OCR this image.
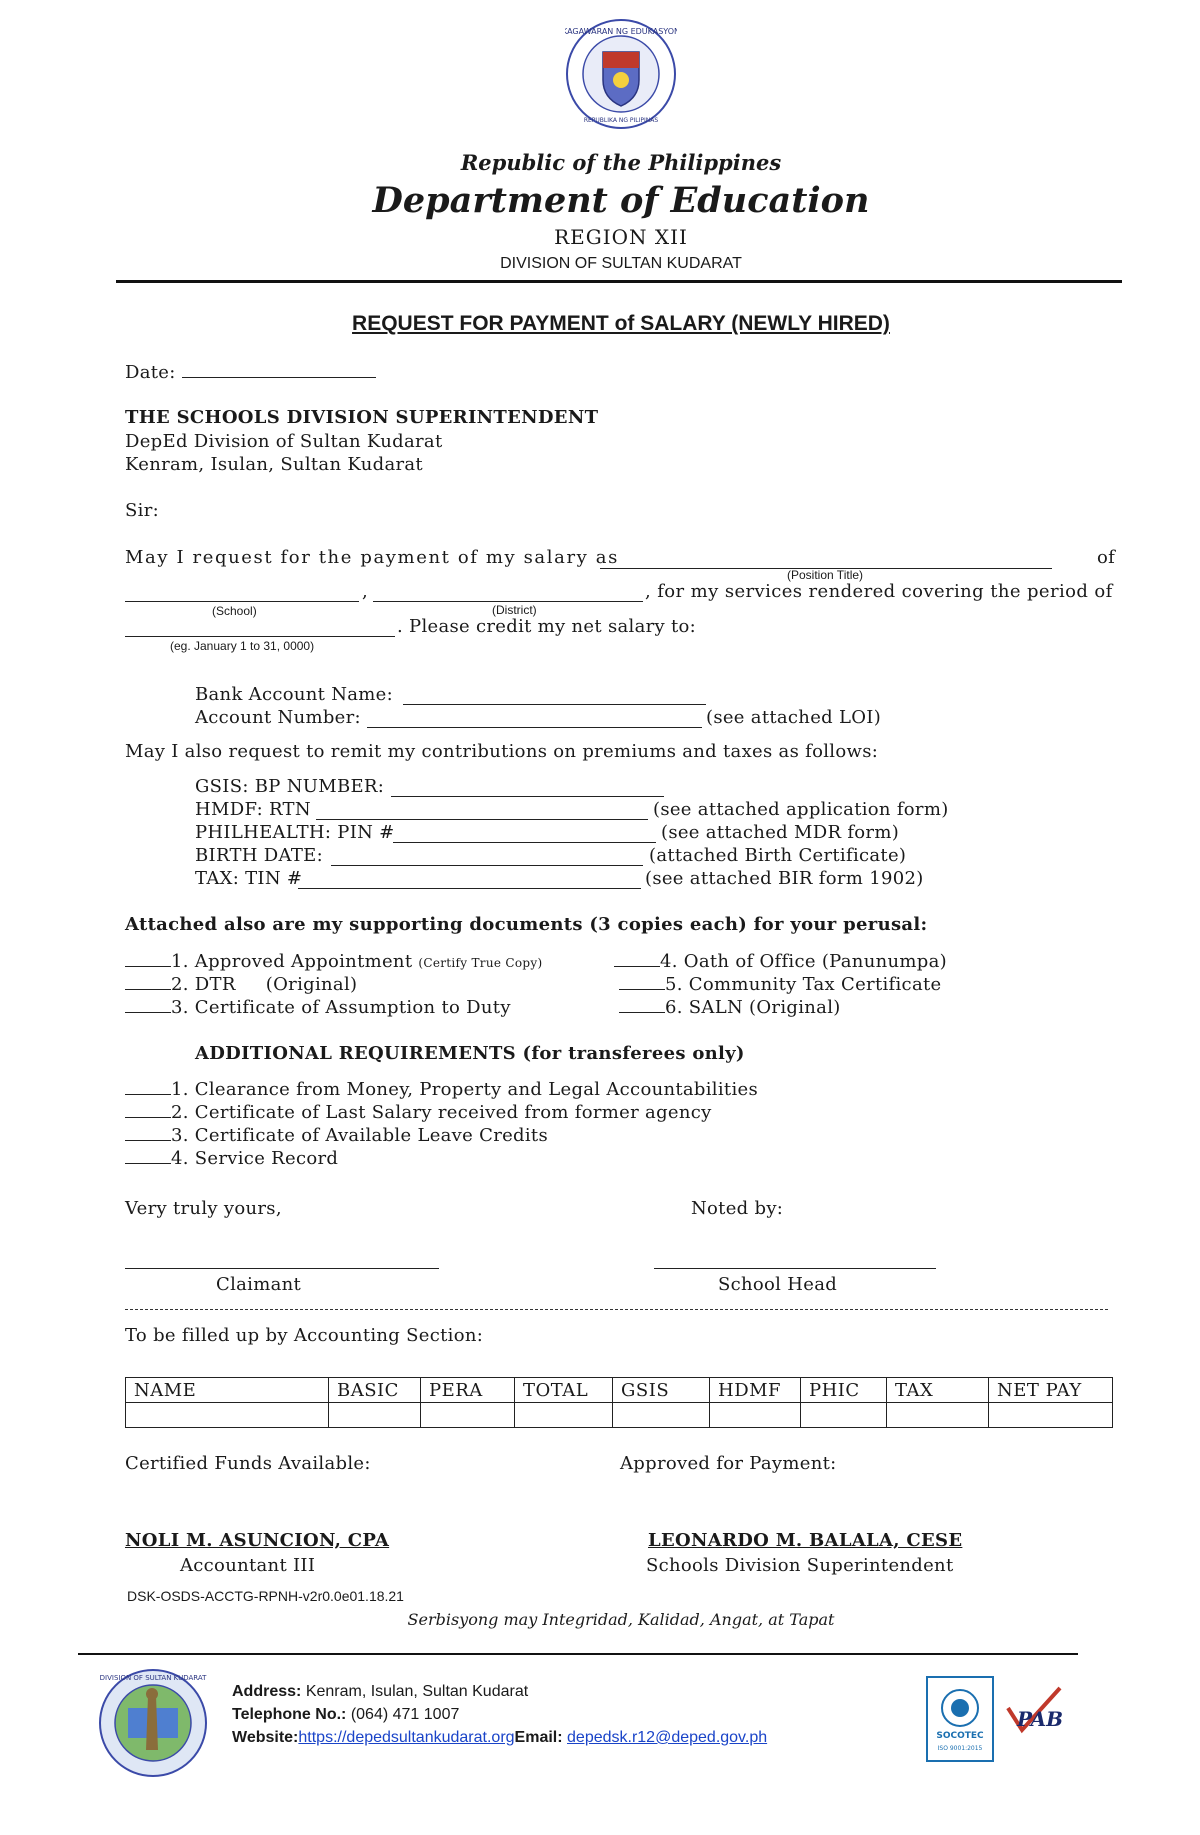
KAGAWARAN NG EDUKASYON
REPUBLIKA NG PILIPINAS
Republic of the Philippines
Department of Education
REGION XII
DIVISION OF SULTAN KUDARAT
REQUEST FOR PAYMENT of SALARY (NEWLY HIRED)
Date:
THE SCHOOLS DIVISION SUPERINTENDENT
DepEd Division of Sultan Kudarat
Kenram, Isulan, Sultan Kudarat
Sir:
May I request for the payment of my salary as	of
(Position Title)
,	, for my services rendered covering the period of
(School)	(District)
. Please credit my net salary to:
(eg. January 1 to 31, 0000)
Bank Account Name:
Account Number:	(see attached LOI)
May I also request to remit my contributions on premiums and taxes as follows:
GSIS: BP NUMBER:
HMDF: RTN	(see attached application form)
PHILHEALTH: PIN #	(see attached MDR form)
BIRTH DATE:	(attached Birth Certificate)
TAX: TIN #	(see attached BIR form 1902)
Attached also are my supporting documents (3 copies each) for your perusal:
1. Approved Appointment (Certify True Copy)
2. DTR     (Original)
3. Certificate of Assumption to Duty
4. Oath of Office (Panunumpa)
5. Community Tax Certificate
6. SALN (Original)
ADDITIONAL REQUIREMENTS (for transferees only)
1. Clearance from Money, Property and Legal Accountabilities
2. Certificate of Last Salary received from former agency
3. Certificate of Available Leave Credits
4. Service Record
Very truly yours,	Noted by:
Claimant	School Head
To be filled up by Accounting Section:
NAME	BASIC	PERA	TOTAL	GSIS	HDMF	PHIC	TAX	NET PAY

Certified Funds Available:	Approved for Payment:
NOLI M. ASUNCION, CPA
Accountant III
LEONARDO M. BALALA, CESE
Schools Division Superintendent
DSK-OSDS-ACCTG-RPNH-v2r0.0e01.18.21
Serbisyong may Integridad, Kalidad, Angat, at Tapat
DIVISION OF SULTAN KUDARAT
Address: Kenram, Isulan, Sultan Kudarat
Telephone No.: (064) 471 1007
Website:https://depedsultankudarat.orgEmail: depedsk.r12@deped.gov.ph	SOCOTEC
ISO 9001:2015
PAB
